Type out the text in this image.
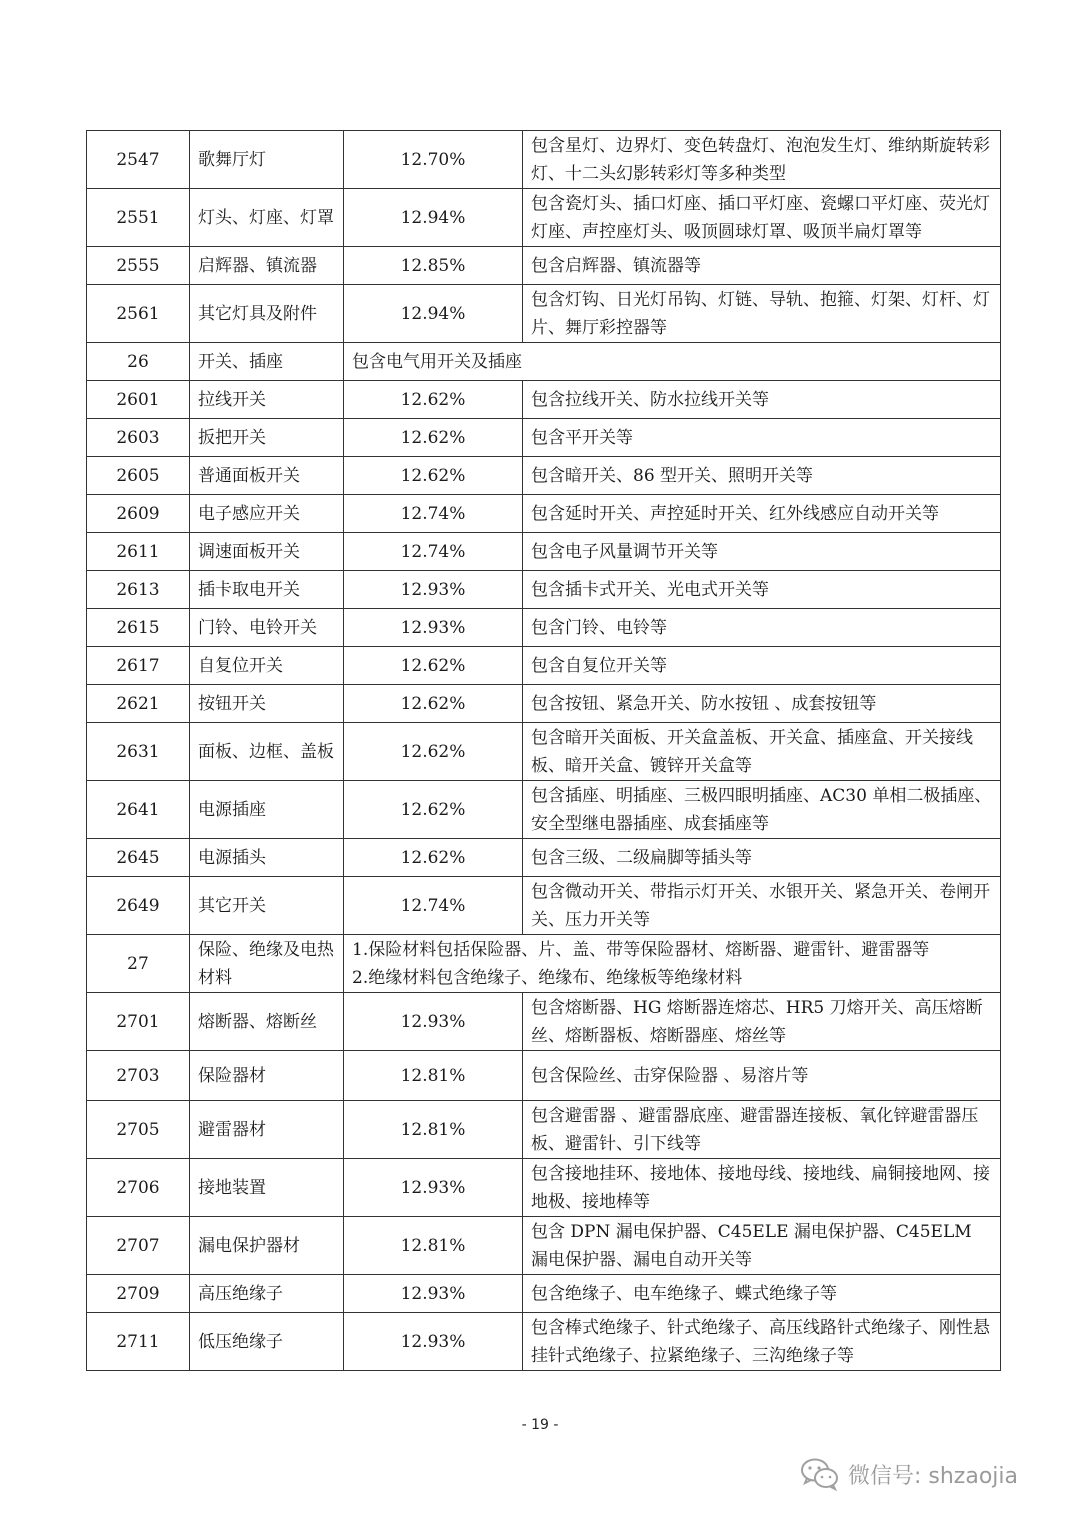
2547	歌舞厅灯	12.70%	包含星灯、边界灯、变色转盘灯、泡泡发生灯、维纳斯旋转彩灯、十二头幻影转彩灯等多种类型
2551	灯头、灯座、灯罩	12.94%	包含瓷灯头、插口灯座、插口平灯座、瓷螺口平灯座、荧光灯灯座、声控座灯头、吸顶圆球灯罩、吸顶半扁灯罩等
2555	启辉器、镇流器	12.85%	包含启辉器、镇流器等
2561	其它灯具及附件	12.94%	包含灯钩、日光灯吊钩、灯链、导轨、抱箍、灯架、灯杆、灯片、舞厅彩控器等
26	开关、插座	包含电气用开关及插座	
2601	拉线开关	12.62%	包含拉线开关、防水拉线开关等
2603	扳把开关	12.62%	包含平开关等
2605	普通面板开关	12.62%	包含暗开关、86 型开关、照明开关等
2609	电子感应开关	12.74%	包含延时开关、声控延时开关、红外线感应自动开关等
2611	调速面板开关	12.74%	包含电子风量调节开关等
2613	插卡取电开关	12.93%	包含插卡式开关、光电式开关等
2615	门铃、电铃开关	12.93%	包含门铃、电铃等
2617	自复位开关	12.62%	包含自复位开关等
2621	按钮开关	12.62%	包含按钮、紧急开关、防水按钮 、成套按钮等
2631	面板、边框、盖板	12.62%	包含暗开关面板、开关盒盖板、开关盒、插座盒、开关接线板、暗开关盒、镀锌开关盒等
2641	电源插座	12.62%	包含插座、明插座、三极四眼明插座、AC30 单相二极插座、安全型继电器插座、成套插座等
2645	电源插头	12.62%	包含三级、二级扁脚等插头等
2649	其它开关	12.74%	包含微动开关、带指示灯开关、水银开关、紧急开关、卷闸开关、压力开关等
27	保险、绝缘及电热材料	1.保险材料包括保险器、片、盖、带等保险器材、熔断器、避雷针、避雷器等
2.绝缘材料包含绝缘子、绝缘布、绝缘板等绝缘材料	
2701	熔断器、熔断丝	12.93%	包含熔断器、HG 熔断器连熔芯、HR5 刀熔开关、高压熔断丝、熔断器板、熔断器座、熔丝等
2703	保险器材	12.81%	包含保险丝、击穿保险器 、易溶片等
2705	避雷器材	12.81%	包含避雷器 、避雷器底座、避雷器连接板、氧化锌避雷器压板、避雷针、引下线等
2706	接地装置	12.93%	包含接地挂环、接地体、接地母线、接地线、扁铜接地网、接地极、接地棒等
2707	漏电保护器材	12.81%	包含 DPN 漏电保护器、C45ELE 漏电保护器、C45ELM 漏电保护器、漏电自动开关等
2709	高压绝缘子	12.93%	包含绝缘子、电车绝缘子、蝶式绝缘子等
2711	低压绝缘子	12.93%	包含棒式绝缘子、针式绝缘子、高压线路针式绝缘子、刚性悬挂针式绝缘子、拉紧绝缘子、三沟绝缘子等
- 19 -
微信号: shzaojia
